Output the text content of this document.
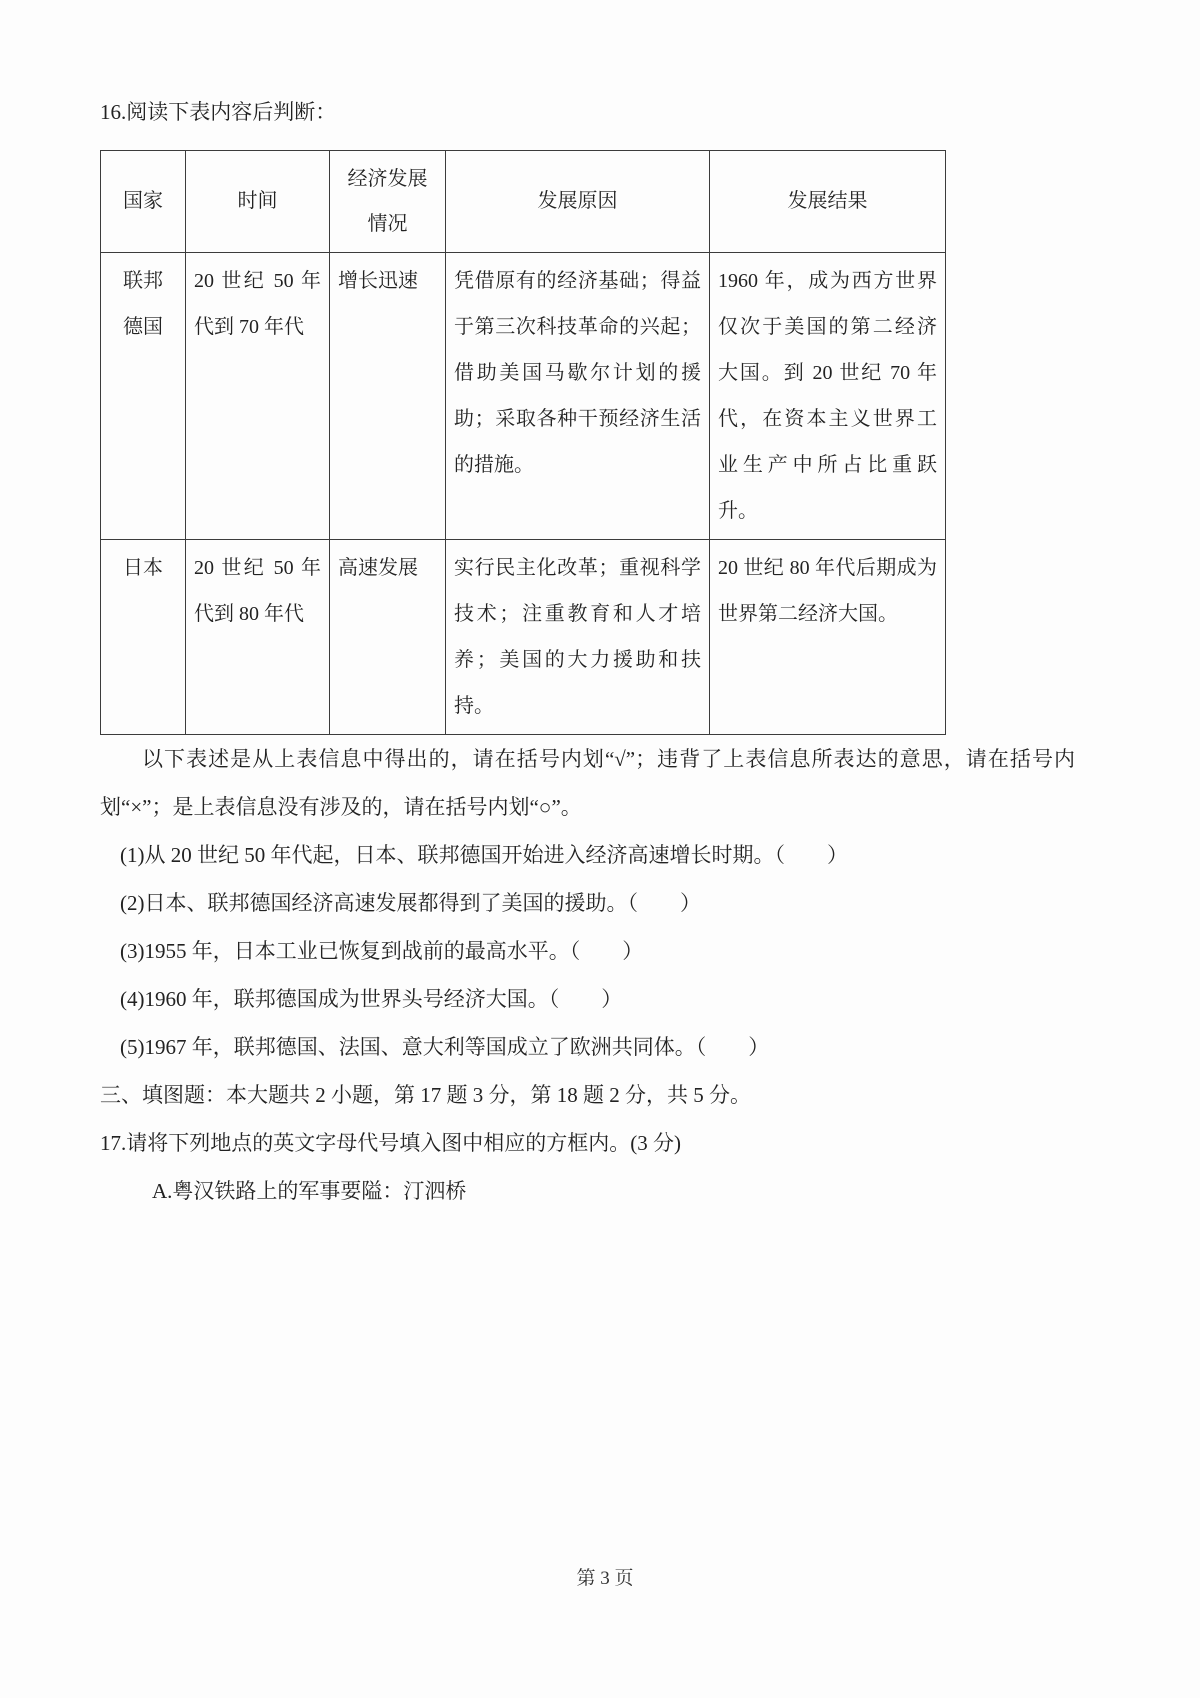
16.阅读下表内容后判断：

国家	时间	经济发展情况	发展原因	发展结果
联邦德国	20 世纪 50 年代到 70 年代	增长迅速	凭借原有的经济基础；得益于第三次科技革命的兴起；借助美国马歇尔计划的援助；采取各种干预经济生活的措施。	1960 年，成为西方世界仅次于美国的第二经济大国。到 20 世纪 70 年代，在资本主义世界工业生产中所占比重跃升。
日本	20 世纪 50 年代到 80 年代	高速发展	实行民主化改革；重视科学技术；注重教育和人才培养；美国的大力援助和扶持。	20 世纪 80 年代后期成为世界第二经济大国。

以下表述是从上表信息中得出的，请在括号内划“√”；违背了上表信息所表达的意思，请在括号内划“×”；是上表信息没有涉及的，请在括号内划“○”。

(1)从 20 世纪 50 年代起，日本、联邦德国开始进入经济高速增长时期。（　　）

(2)日本、联邦德国经济高速发展都得到了美国的援助。（　　）

(3)1955 年，日本工业已恢复到战前的最高水平。（　　）

(4)1960 年，联邦德国成为世界头号经济大国。（　　）

(5)1967 年，联邦德国、法国、意大利等国成立了欧洲共同体。（　　）

三、填图题：本大题共 2 小题，第 17 题 3 分，第 18 题 2 分，共 5 分。

17.请将下列地点的英文字母代号填入图中相应的方框内。(3 分)

A.粤汉铁路上的军事要隘：汀泗桥

第 3 页
